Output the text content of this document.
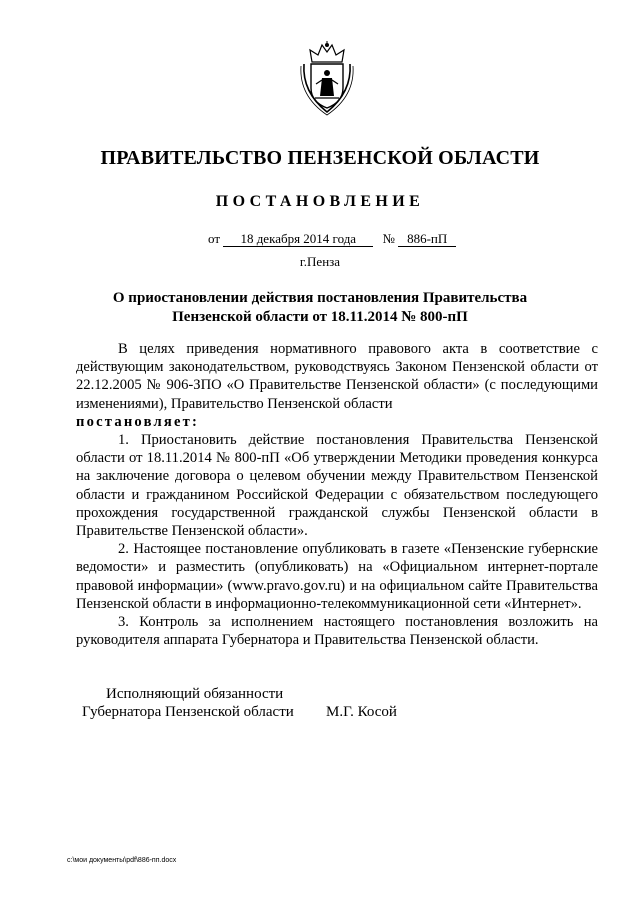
ПРАВИТЕЛЬСТВО ПЕНЗЕНСКОЙ ОБЛАСТИ
ПОСТАНОВЛЕНИЕ
от 18 декабря 2014 года № 886-пП
г.Пенза
О приостановлении действия постановления Правительства
Пензенской области от 18.11.2014 № 800-пП

В целях приведения нормативного правового акта в соответствие с действующим законодательством, руководствуясь Законом Пензенской области от 22.12.2005 № 906-ЗПО «О Правительстве Пензенской области» (с последующими изменениями), Правительство Пензенской области

постановляет:

1. Приостановить действие постановления Правительства Пензенской области от 18.11.2014 № 800-пП «Об утверждении Методики проведения конкурса на заключение договора о целевом обучении между Правительством Пензенской области и гражданином Российской Федерации с обязательством последующего прохождения государственной гражданской службы Пензенской области в Правительстве Пензенской области».

2. Настоящее постановление опубликовать в газете «Пензенские губернские ведомости» и разместить (опубликовать) на «Официальном интернет-портале правовой информации» (www.pravo.gov.ru) и на официальном сайте Правительства Пензенской области в информационно-телекоммуникационной сети «Интернет».

3. Контроль за исполнением настоящего постановления возложить на руководителя аппарата Губернатора и Правительства Пензенской области.

Исполняющий обязанности
Губернатора Пензенской области М.Г. Косой
c:\мои документы\pdf\886-пп.docx
